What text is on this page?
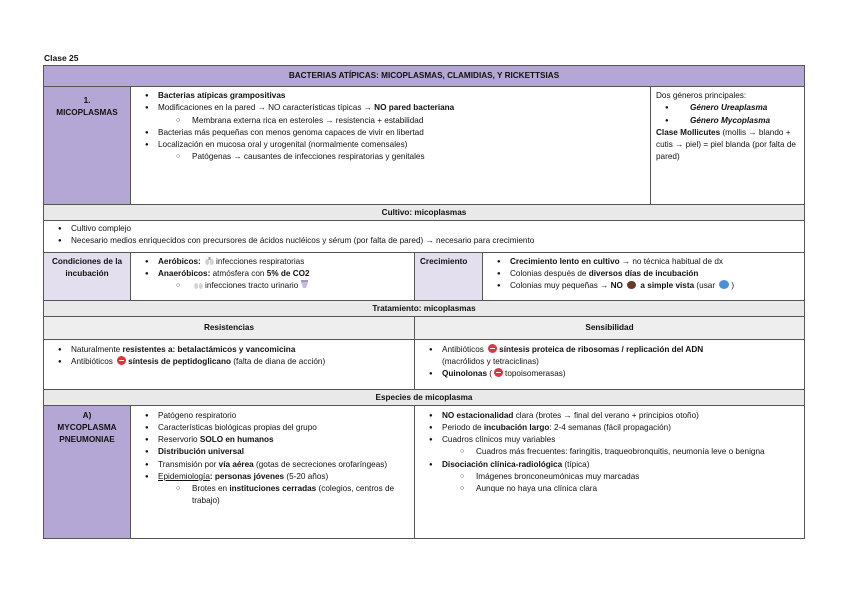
Clase 25
BACTERIAS ATÍPICAS: MICOPLASMAS, CLAMIDIAS, Y RICKETTSIAS
1.
MICOPLASMAS
● Bacterias atípicas grampositivas
● Modificaciones en la pared → NO características típicas → NO pared bacteriana
○ Membrana externa rica en esteroles → resistencia + estabilidad
● Bacterias más pequeñas con menos genoma capaces de vivir en libertad
● Localización en mucosa oral y urogenital (normalmente comensales)
○ Patógenas → causantes de infecciones respiratorias y genitales
Dos géneros principales:
● Género Ureaplasma
● Género Mycoplasma
Clase Mollicutes (mollis → blando + cutis → piel) = piel blanda (por falta de pared)
Cultivo: micoplasmas
● Cultivo complejo
● Necesario medios enriquecidos con precursores de ácidos nucléicos y sérum (por falta de pared) → necesario para crecimiento
Condiciones de la incubación
● Aeróbicos: infecciones respiratorias
● Anaeróbicos: atmósfera con 5% de CO2
○ infecciones tracto urinario
Crecimiento
●	Crecimiento lento en cultivo → no técnica habitual de dx
● Colonias después de diversos días de incubación
● Colonias muy pequeñas → NO  a simple vista (usar )
Tratamiento: micoplasmas
Resistencias	Sensibilidad
● Naturalmente resistentes a: betalactámicos y vancomicina
● Antibióticos síntesis de peptidoglicano (falta de diana de acción)
● Antibióticos síntesis proteica de ribosomas / replicación del ADN
(macrólidos y tetraciclinas)
● Quinolonas ( topoisomerasas)
Especies de micoplasma
A)
MYCOPLASMA PNEUMONIAE
● Patógeno respiratorio
● Características biológicas propias del grupo
● Reservorio SOLO en humanos
● Distribución universal
● Transmisión por vía aérea (gotas de secreciones orofaríngeas)
● Epidemiología: personas jóvenes (5-20 años)
○ Brotes en instituciones cerradas (colegios, centros de trabajo)
● NO estacionalidad clara (brotes → final del verano + principios otoño)
● Periodo de incubación largo: 2-4 semanas (fácil propagación)
● Cuadros clínicos muy variables
○ Cuadros más frecuentes: faringitis, traqueobronquitis, neumonía leve o benigna
● Disociación clínica-radiológica (típica)
○ Imágenes bronconeumónicas muy marcadas
○ Aunque no haya una clínica clara
